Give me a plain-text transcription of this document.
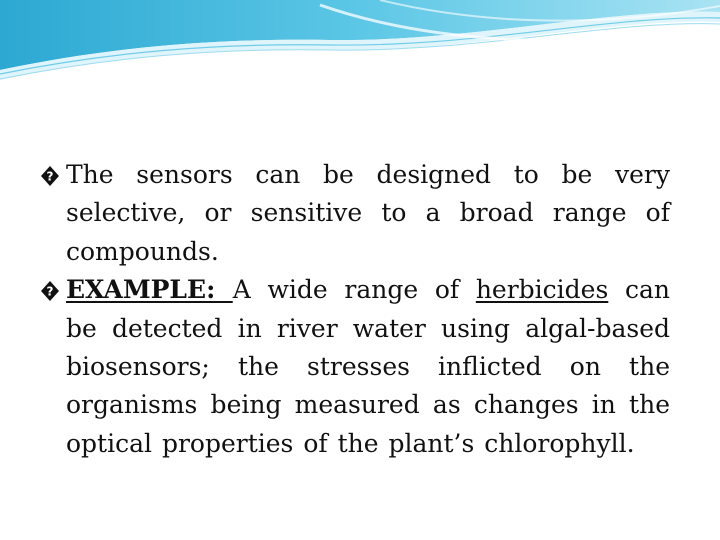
? The sensors can be designed to be very selective, or sensitive to a broad range of compounds.

? EXAMPLE: A wide range of herbicides can be detected in river water using algal-based biosensors; the stresses inflicted on the organisms being measured as changes in the optical properties of the plant’s chlorophyll.
